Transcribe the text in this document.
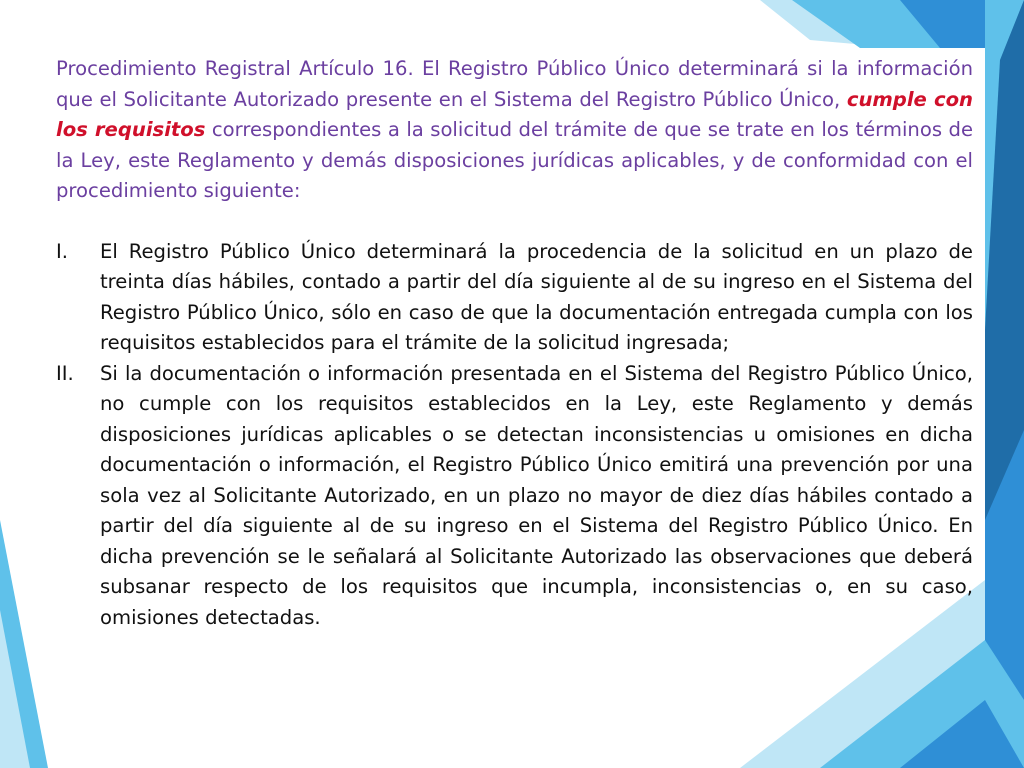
Procedimiento Registral Artículo 16. El Registro Público Único determinará si la información que el Solicitante Autorizado presente en el Sistema del Registro Público Único, cumple con los requisitos correspondientes a la solicitud del trámite de que se trate en los términos de la Ley, este Reglamento y demás disposiciones jurídicas aplicables, y de conformidad con el procedimiento siguiente:

I.	El Registro Público Único determinará la procedencia de la solicitud en un plazo de treinta días hábiles, contado a partir del día siguiente al de su ingreso en el Sistema del Registro Público Único, sólo en caso de que la documentación entregada cumpla con los requisitos establecidos para el trámite de la solicitud ingresada;
II.	Si la documentación o información presentada en el Sistema del Registro Público Único, no cumple con los requisitos establecidos en la Ley, este Reglamento y demás disposiciones jurídicas aplicables o se detectan inconsistencias u omisiones en dicha documentación o información, el Registro Público Único emitirá una prevención por una sola vez al Solicitante Autorizado, en un plazo no mayor de diez días hábiles contado a partir del día siguiente al de su ingreso en el Sistema del Registro Público Único. En dicha prevención se le señalará al Solicitante Autorizado las observaciones que deberá subsanar respecto de los requisitos que incumpla, inconsistencias o, en su caso, omisiones detectadas.
